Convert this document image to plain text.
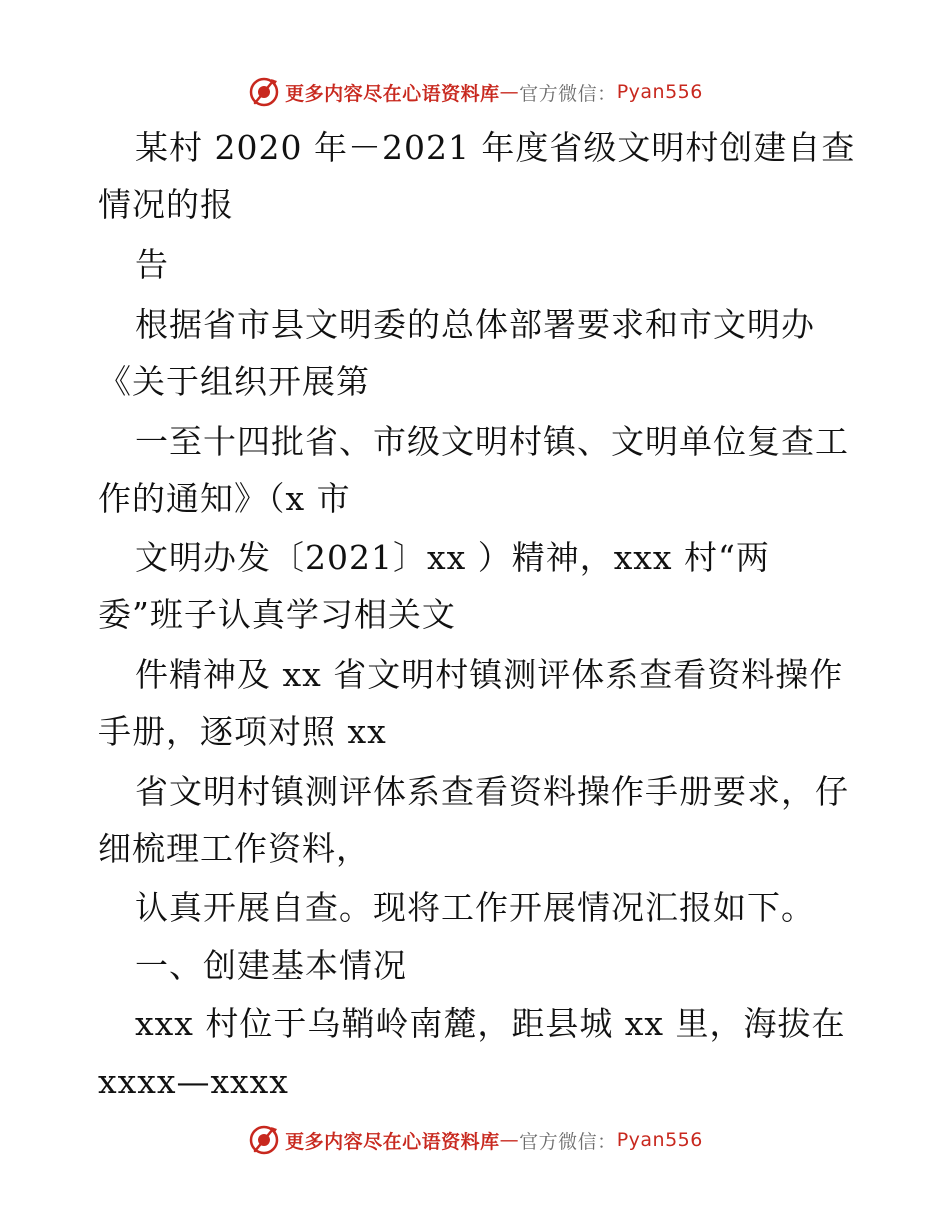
更多内容尽在心语资料库 — 官方微信： Pyan556
某村 2020 年－2021 年度省级文明村创建自查
情况的报
告
根据省市县文明委的总体部署要求和市文明办
《关于组织开展第
一至十四批省、市级文明村镇、文明单位复查工
作的通知》（x 市
文明办发〔2021〕xx ）精神，xxx 村“两
委”班子认真学习相关文
件精神及 xx 省文明村镇测评体系查看资料操作
手册，逐项对照 xx
省文明村镇测评体系查看资料操作手册要求，仔
细梳理工作资料，
认真开展自查。现将工作开展情况汇报如下。
一、创建基本情况
xxx 村位于乌鞘岭南麓，距县城 xx 里，海拔在
xxxx—xxxx
更多内容尽在心语资料库 — 官方微信： Pyan556
